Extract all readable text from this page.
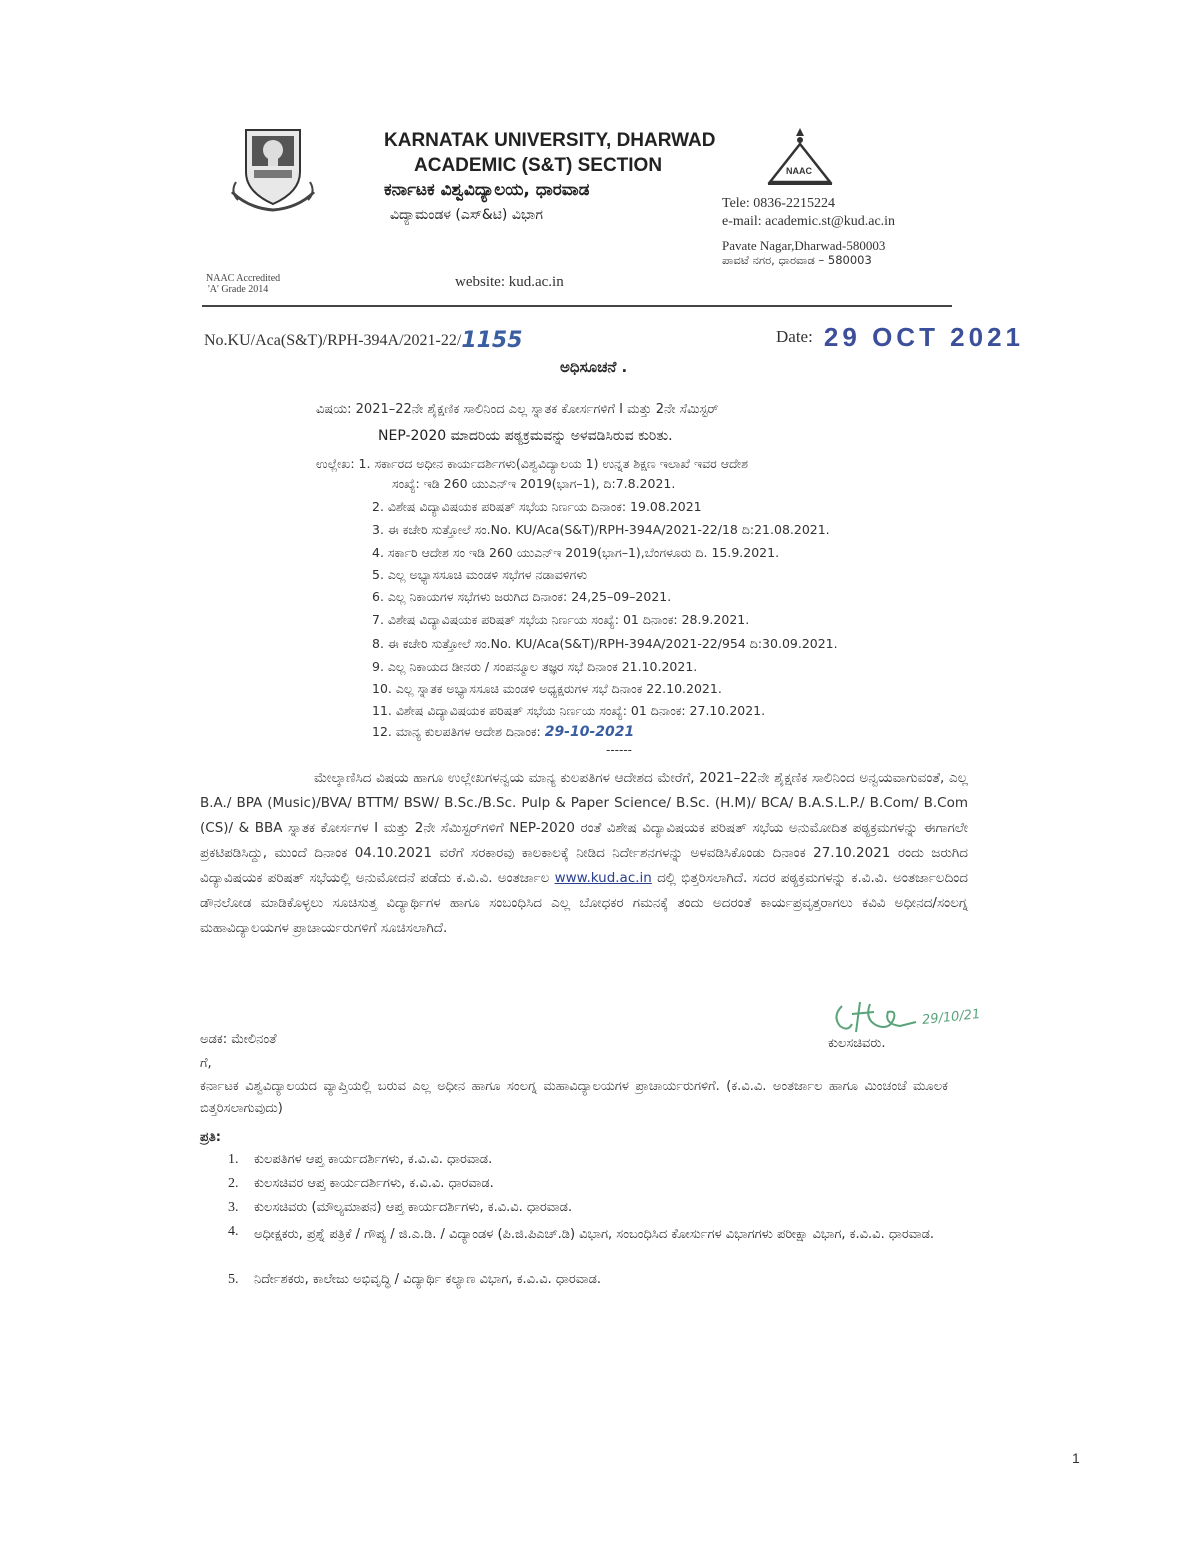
KARNATAK UNIVERSITY, DHARWAD
ACADEMIC (S&T) SECTION
ಕರ್ನಾಟಕ ವಿಶ್ವವಿದ್ಯಾಲಯ, ಧಾರವಾಡ
ವಿದ್ಯಾಮಂಡಳ (ಎಸ್&ಟಿ) ವಿಭಾಗ
NAAC
Tele: 0836-2215224
e-mail: academic.st@kud.ac.in
Pavate Nagar,Dharwad-580003
ಪಾವಟೆ ನಗರ, ಧಾರವಾಡ – 580003
NAAC Accredited
'A' Grade 2014	website: kud.ac.in
No.KU/Aca(S&T)/RPH-394A/2021-22/1155	Date: 29 OCT 2021
ಅಧಿಸೂಚನೆ .
ವಿಷಯ: 2021–22ನೇ ಶೈಕ್ಷಣಿಕ ಸಾಲಿನಿಂದ ಎಲ್ಲ ಸ್ನಾತಕ ಕೋರ್ಸಗಳಿಗೆ I ಮತ್ತು 2ನೇ ಸೆಮಿಸ್ಟರ್
NEP-2020 ಮಾದರಿಯ ಪಠ್ಯಕ್ರಮವನ್ನು ಅಳವಡಿಸಿರುವ ಕುರಿತು.
ಉಲ್ಲೇಖ: 1. ಸರ್ಕಾರದ ಅಧೀನ ಕಾರ್ಯದರ್ಶಿಗಳು(ವಿಶ್ವವಿದ್ಯಾಲಯ 1) ಉನ್ನತ ಶಿಕ್ಷಣ ಇಲಾಖೆ ಇವರ ಆದೇಶ
ಸಂಖ್ಯೆ: ಇಡಿ 260 ಯುಎನ್ಇ 2019(ಭಾಗ–1), ದಿ:7.8.2021.
2. ವಿಶೇಷ ವಿದ್ಯಾವಿಷಯಕ ಪರಿಷತ್ ಸಭೆಯ ನಿರ್ಣಯ ದಿನಾಂಕ: 19.08.2021
3. ಈ ಕಚೇರಿ ಸುತ್ತೋಲೆ ಸಂ.No. KU/Aca(S&T)/RPH-394A/2021-22/18 ದಿ:21.08.2021.
4. ಸರ್ಕಾರಿ ಆದೇಶ ಸಂ ಇಡಿ 260 ಯುಎನ್ಇ 2019(ಭಾಗ–1),ಬೆಂಗಳೂರು ದಿ. 15.9.2021.
5. ಎಲ್ಲ ಅಭ್ಯಾಸಸೂಚಿ ಮಂಡಳಿ ಸಭೆಗಳ ನಡಾವಳಿಗಳು
6. ಎಲ್ಲ ನಿಕಾಯಗಳ ಸಭೆಗಳು ಜರುಗಿದ ದಿನಾಂಕ: 24,25–09–2021.
7. ವಿಶೇಷ ವಿದ್ಯಾವಿಷಯಕ ಪರಿಷತ್ ಸಭೆಯ ನಿರ್ಣಯ ಸಂಖ್ಯೆ: 01 ದಿನಾಂಕ: 28.9.2021.
8. ಈ ಕಚೇರಿ ಸುತ್ತೋಲೆ ಸಂ.No. KU/Aca(S&T)/RPH-394A/2021-22/954 ದಿ:30.09.2021.
9. ಎಲ್ಲ ನಿಕಾಯದ ಡೀನರು / ಸಂಪನ್ಮೂಲ ತಜ್ಞರ ಸಭೆ ದಿನಾಂಕ 21.10.2021.
10. ಎಲ್ಲ ಸ್ನಾತಕ ಅಭ್ಯಾಸಸೂಚಿ ಮಂಡಳಿ ಅಧ್ಯಕ್ಷರುಗಳ ಸಭೆ ದಿನಾಂಕ 22.10.2021.
11. ವಿಶೇಷ ವಿದ್ಯಾವಿಷಯಕ ಪರಿಷತ್ ಸಭೆಯ ನಿರ್ಣಯ ಸಂಖ್ಯೆ: 01 ದಿನಾಂಕ: 27.10.2021.
12. ಮಾನ್ಯ ಕುಲಪತಿಗಳ ಆದೇಶ ದಿನಾಂಕ: 29-10-2021
------
ಮೇಲ್ಕಾಣಿಸಿದ ವಿಷಯ ಹಾಗೂ ಉಲ್ಲೇಖಗಳನ್ವಯ ಮಾನ್ಯ ಕುಲಪತಿಗಳ ಆದೇಶದ ಮೇರೆಗೆ, 2021–22ನೇ ಶೈಕ್ಷಣಿಕ ಸಾಲಿನಿಂದ ಅನ್ವಯವಾಗುವಂತೆ, ಎಲ್ಲ B.A./ BPA (Music)/BVA/ BTTM/ BSW/ B.Sc./B.Sc. Pulp & Paper Science/ B.Sc. (H.M)/ BCA/ B.A.S.L.P./ B.Com/ B.Com (CS)/ & BBA ಸ್ನಾತಕ ಕೋರ್ಸಗಳ I ಮತ್ತು 2ನೇ ಸೆಮಿಸ್ಟರ್‌ಗಳಿಗೆ NEP-2020 ರಂತೆ ವಿಶೇಷ ವಿದ್ಯಾವಿಷಯಕ ಪರಿಷತ್ ಸಭೆಯ ಅನುಮೋದಿತ ಪಠ್ಯಕ್ರಮಗಳನ್ನು ಈಗಾಗಲೇ ಪ್ರಕಟಿಪಡಿಸಿದ್ದು, ಮುಂದೆ ದಿನಾಂಕ 04.10.2021 ವರೆಗೆ ಸರಕಾರವು ಕಾಲಕಾಲಕ್ಕೆ ನೀಡಿದ ನಿರ್ದೇಶನಗಳನ್ನು ಅಳವಡಿಸಿಕೊಂಡು ದಿನಾಂಕ 27.10.2021 ರಂದು ಜರುಗಿದ ವಿದ್ಯಾವಿಷಯಕ ಪರಿಷತ್ ಸಭೆಯಲ್ಲಿ ಅನುಮೋದನೆ ಪಡೆದು ಕ.ವಿ.ವಿ. ಅಂತರ್ಜಾಲ www.kud.ac.in ದಲ್ಲಿ ಭಿತ್ತರಿಸಲಾಗಿದೆ. ಸದರ ಪಠ್ಯಕ್ರಮಗಳನ್ನು ಕ.ವಿ.ವಿ. ಅಂತರ್ಜಾಲದಿಂದ ಡೌನಲೋಡ ಮಾಡಿಕೊಳ್ಳಲು ಸೂಚಿಸುತ್ತ ವಿದ್ಯಾರ್ಥಿಗಳ ಹಾಗೂ ಸಂಬಂಧಿಸಿದ ಎಲ್ಲ ಬೋಧಕರ ಗಮನಕ್ಕೆ ತಂದು ಅದರಂತೆ ಕಾರ್ಯಪ್ರವೃತ್ತರಾಗಲು ಕವಿವಿ ಅಧೀನದ/ಸಂಲಗ್ನ ಮಹಾವಿದ್ಯಾಲಯಗಳ ಪ್ರಾಚಾರ್ಯರುಗಳಿಗೆ ಸೂಚಿಸಲಾಗಿದೆ.
29/10/21
ಕುಲಸಚಿವರು.
ಅಡಕ: ಮೇಲಿನಂತೆ
ಗೆ,
ಕರ್ನಾಟಕ ವಿಶ್ವವಿದ್ಯಾಲಯದ ವ್ಯಾಪ್ತಿಯಲ್ಲಿ ಬರುವ ಎಲ್ಲ ಅಧೀನ ಹಾಗೂ ಸಂಲಗ್ನ ಮಹಾವಿದ್ಯಾಲಯಗಳ ಪ್ರಾಚಾರ್ಯರುಗಳಿಗೆ. (ಕ.ವಿ.ವಿ. ಅಂತರ್ಜಾಲ ಹಾಗೂ ಮಿಂಚಂಚೆ ಮೂಲಕ ಬಿತ್ತರಿಸಲಾಗುವುದು)
ಪ್ರತಿ:
1.	ಕುಲಪತಿಗಳ ಆಪ್ತ ಕಾರ್ಯದರ್ಶಿಗಳು, ಕ.ವಿ.ವಿ. ಧಾರವಾಡ.
2.	ಕುಲಸಚಿವರ ಆಪ್ತ ಕಾರ್ಯದರ್ಶಿಗಳು, ಕ.ವಿ.ವಿ. ಧಾರವಾಡ.
3.	ಕುಲಸಚಿವರು (ಮೌಲ್ಯಮಾಪನ) ಆಪ್ತ ಕಾರ್ಯದರ್ಶಿಗಳು, ಕ.ವಿ.ವಿ. ಧಾರವಾಡ.
4.	ಅಧೀಕ್ಷಕರು, ಪ್ರಶ್ನೆ ಪತ್ರಿಕೆ / ಗೌಪ್ಯ / ಜಿ.ಎ.ಡಿ. / ವಿದ್ಯಾಂಡಳ (ಪಿ.ಜಿ.ಪಿಎಚ್.ಡಿ) ವಿಭಾಗ, ಸಂಬಂಧಿಸಿದ ಕೋರ್ಸುಗಳ ವಿಭಾಗಗಳು ಪರೀಕ್ಷಾ ವಿಭಾಗ, ಕ.ವಿ.ವಿ. ಧಾರವಾಡ.
5.	ನಿರ್ದೇಶಕರು, ಕಾಲೇಜು ಅಭಿವೃದ್ಧಿ / ವಿದ್ಯಾರ್ಥಿ ಕಲ್ಯಾಣ ವಿಭಾಗ, ಕ.ವಿ.ವಿ. ಧಾರವಾಡ.
1
